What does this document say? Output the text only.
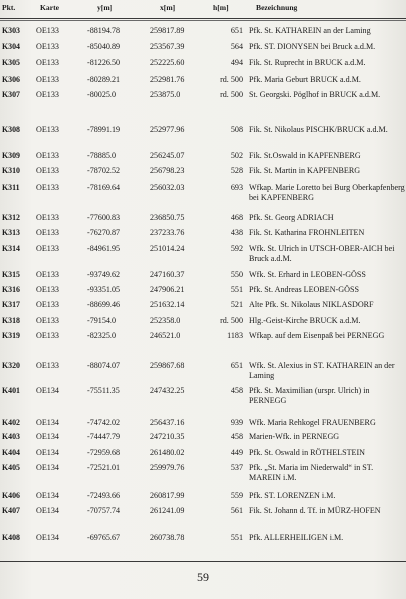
Pkt.	Karte	y[m]	x[m]	h[m]	Bezeichnung
K303 OE133	-88194.78	259817.89	651 Pfk. St. KATHAREIN an der Laming
K304 OE133	-85040.89	253567.39	564 Pfk. ST. DIONYSEN bei Bruck a.d.M.
K305 OE133	-81226.50	252225.60	494 Fik. St. Ruprecht in BRUCK a.d.M.
K306 OE133	-80289.21	252981.76	rd. 500 Pfk. Maria Geburt BRUCK a.d.M.
K307 OE133	-80025.0	253875.0	rd. 500 St. Georgski. Pöglhof in BRUCK a.d.M.
K308 OE133	-78991.19	252977.96	508 Fik. St. Nikolaus PISCHK/BRUCK a.d.M.
K309 OE133	-78885.0	256245.07	502 Fik. St.Oswald in KAPFENBERG
K310 OE133	-78702.52	256798.23	528 Fik. St. Martin in KAPFENBERG
K311 OE133	-78169.64	256032.03	693 Wfkap. Marie Loretto bei Burg Oberkapfenberg bei KAPFENBERG
K312 OE133	-77600.83	236850.75	468 Pfk. St. Georg ADRIACH
K313 OE133	-76270.87	237233.76	438 Fik. St. Katharina FROHNLEITEN
K314 OE133	-84961.95	251014.24	592 Wfk. St. Ulrich in UTSCH-OBER-AICH bei Bruck a.d.M.
K315 OE133	-93749.62	247160.37	550 Wfk. St. Erhard in LEOBEN-GÖSS
K316 OE133	-93351.05	247906.21	551 Pfk. St. Andreas LEOBEN-GÖSS
K317 OE133	-88699.46	251632.14	521 Alte Pfk. St. Nikolaus NIKLASDORF
K318 OE133	-79154.0	252358.0	rd. 500 Hlg.-Geist-Kirche BRUCK a.d.M.
K319 OE133	-82325.0	246521.0	1183 Wfkap. auf dem Eisenpaß bei PERNEGG
K320 OE133	-88074.07	259867.68	651 Wfk. St. Alexius in ST. KATHAREIN an der Laming
K401 OE134	-75511.35	247432.25	458 Pfk. St. Maximilian (urspr. Ulrich) in PERNEGG
K402 OE134	-74742.02	256437.16	939 Wfk. Maria Rehkogel FRAUENBERG
K403 OE134	-74447.79	247210.35	458 Marien-Wfk. in PERNEGG
K404 OE134	-72959.68	261480.02	449 Pfk. St. Oswald in RÖTHELSTEIN
K405 OE134	-72521.01	259979.76	537 Pfk. „St. Maria im Niederwald“ in ST. MAREIN i.M.
K406 OE134	-72493.66	260817.99	559 Pfk. ST. LORENZEN i.M.
K407 OE134	-70757.74	261241.09	561 Fik. St. Johann d. Tf. in MÜRZ-HOFEN
K408 OE134	-69765.67	260738.78	551 Pfk. ALLERHEILIGEN i.M.
59
